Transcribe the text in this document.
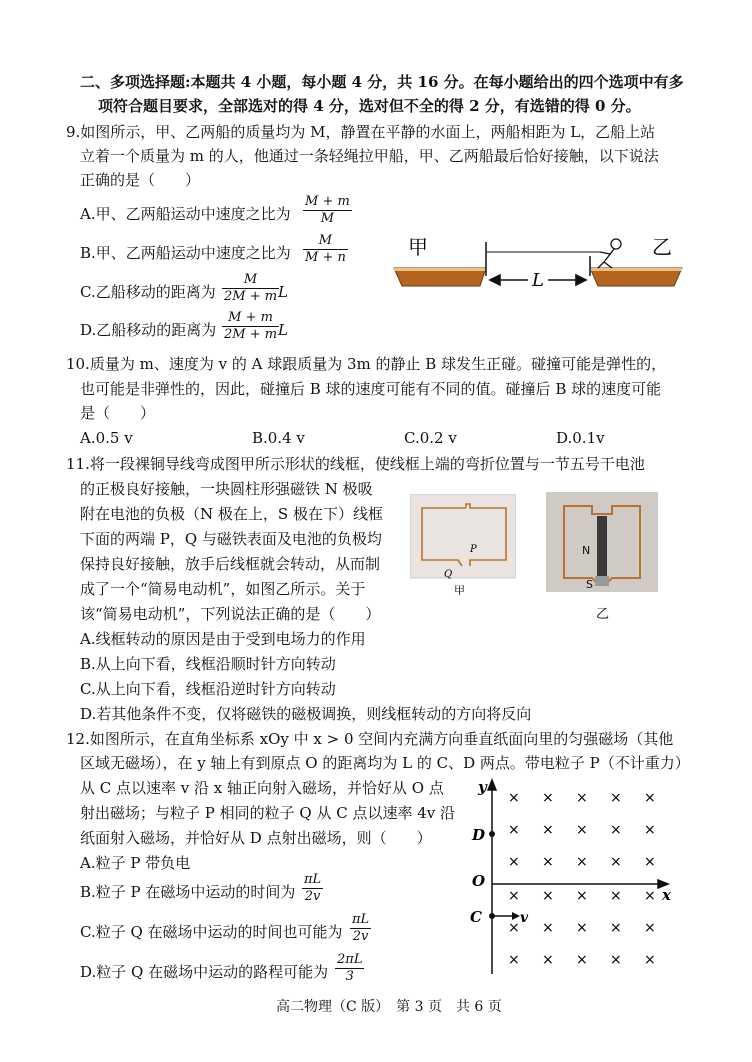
二、多项选择题:本题共 4 小题，每小题 4 分，共 16 分。在每小题给出的四个选项中有多
项符合题目要求，全部选对的得 4 分，选对但不全的得 2 分，有选错的得 0 分。
9.如图所示，甲、乙两船的质量均为 M，静置在平静的水面上，两船相距为 L，乙船上站
立着一个质量为 m 的人，他通过一条轻绳拉甲船，甲、乙两船最后恰好接触，以下说法
正确的是（　　）
A.甲、乙两船运动中速度之比为 $\frac{M + m}{M}$
B.甲、乙两船运动中速度之比为 $\frac{M}{M + n}$
C.乙船移动的距离为 $\frac{M}{2M + m}$
L
D.乙船移动的距离为 $\frac{M + m}{2M + m}$
L
甲	乙
L
10.质量为 m、速度为 v 的 A 球跟质量为 3m 的静止 B 球发生正碰。碰撞可能是弹性的，
也可能是非弹性的，因此，碰撞后 B 球的速度可能有不同的值。碰撞后 B 球的速度可能
是（　　）
A.0.5 v	B.0.4 v	C.0.2 v	D.0.1v
11.将一段裸铜导线弯成图甲所示形状的线框，使线框上端的弯折位置与一节五号干电池
的正极良好接触，一块圆柱形强磁铁 N 极吸
附在电池的负极（N 极在上，S 极在下）线框
下面的两端 P，Q 与磁铁表面及电池的负极均
保持良好接触，放手后线框就会转动，从而制
成了一个“简易电动机”，如图乙所示。关于
该“简易电动机”，下列说法正确的是（　　）
A.线框转动的原因是由于受到电场力的作用
B.从上向下看，线框沿顺时针方向转动
C.从上向下看，线框沿逆时针方向转动
D.若其他条件不变，仅将磁铁的磁极调换，则线框转动的方向将反向
P
Q
甲
N
S
乙
12.如图所示，在直角坐标系 xOy 中 x > 0 空间内充满方向垂直纸面向里的匀强磁场（其他
区域无磁场），在 y 轴上有到原点 O 的距离均为 L 的 C、D 两点。带电粒子 P（不计重力）
从 C 点以速率 v 沿 x 轴正向射入磁场，并恰好从 O 点
射出磁场；与粒子 P 相同的粒子 Q 从 C 点以速率 4v 沿
纸面射入磁场，并恰好从 D 点射出磁场，则（　　）
A.粒子 P 带负电
B.粒子 P 在磁场中运动的时间为 $\frac{\pi L}{2v}$
C.粒子 Q 在磁场中运动的时间也可能为 $\frac{\pi L}{2v}$
D.粒子 Q 在磁场中运动的路程可能为 $\frac{2\pi L}{3}$
y
x
O
D
C	v
× × × × ×
× × × × ×
× × × × ×
× × × × ×
× × × × ×
× × × × ×
高二物理（C 版）　第 3 页　共 6 页
